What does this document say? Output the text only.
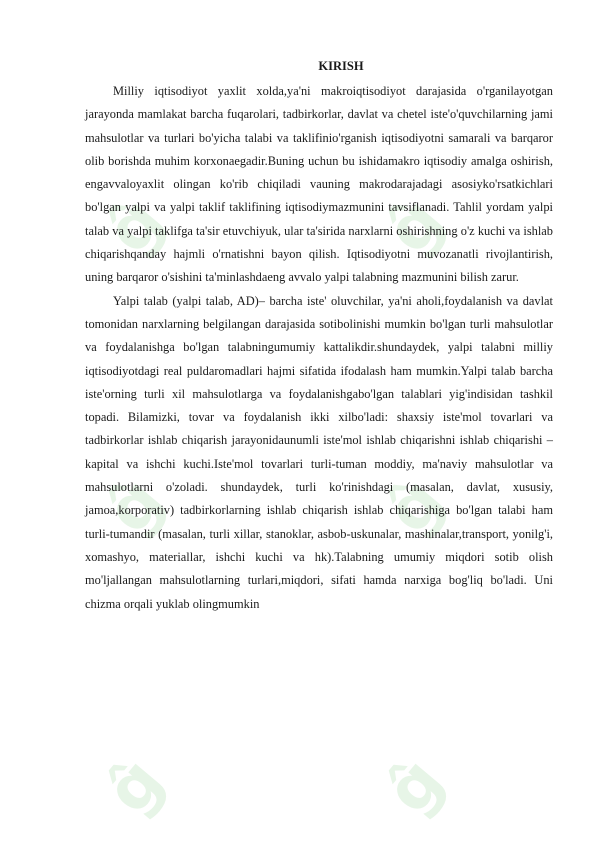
ĝ	ĝ
ĝ	ĝ
ĝ	ĝ
KIRISH

Milliy iqtisodiyot yaxlit xolda,ya'ni makroiqtisodiyot darajasida o'rganilayotgan jarayonda mamlakat barcha fuqarolari, tadbirkorlar, davlat va chetel iste'o'quvchilarning jami mahsulotlar va turlari bo'yicha talabi va taklifinio'rganish iqtisodiyotni samarali va barqaror olib borishda muhim korxonaegadir.Buning uchun bu ishidamakro iqtisodiy amalga oshirish, engavvaloyaxlit olingan ko'rib chiqiladi vauning makrodarajadagi asosiyko'rsatkichlari bo'lgan yalpi va yalpi taklif taklifining iqtisodiymazmunini tavsiflanadi. Tahlil yordam yalpi talab va yalpi taklifga ta'sir etuvchiyuk, ular ta'sirida narxlarni oshirishning o'z kuchi va ishlab chiqarishqanday hajmli o'rnatishni bayon qilish. Iqtisodiyotni muvozanatli rivojlantirish, uning barqaror o'sishini ta'minlashdaeng avvalo yalpi talabning mazmunini bilish zarur.

Yalpi talab (yalpi talab, AD)– barcha iste' oluvchilar, ya'ni aholi,foydalanish va davlat tomonidan narxlarning belgilangan darajasida sotibolinishi mumkin bo'lgan turli mahsulotlar va foydalanishga bo'lgan talabningumumiy kattalikdir.shundaydek, yalpi talabni milliy iqtisodiyotdagi real puldaromadlari hajmi sifatida ifodalash ham mumkin.Yalpi talab barcha iste'orning turli xil mahsulotlarga va foydalanishgabo'lgan talablari yig'indisidan tashkil topadi. Bilamizki, tovar va foydalanish ikki xilbo'ladi: shaxsiy iste'mol tovarlari va tadbirkorlar ishlab chiqarish jarayonidaunumli iste'mol ishlab chiqarishni ishlab chiqarishi – kapital va ishchi kuchi.Iste'mol tovarlari turli-tuman moddiy, ma'naviy mahsulotlar va mahsulotlarni o'zoladi. shundaydek, turli ko'rinishdagi (masalan, davlat, xususiy, jamoa,korporativ) tadbirkorlarning ishlab chiqarish ishlab chiqarishiga bo'lgan talabi ham turli-tumandir (masalan, turli xillar, stanoklar, asbob-uskunalar, mashinalar,transport, yonilg'i, xomashyo, materiallar, ishchi kuchi va hk).Talabning umumiy miqdori sotib olish mo'ljallangan mahsulotlarning turlari,miqdori, sifati hamda narxiga bog'liq bo'ladi. Uni chizma orqali yuklab olingmumkin
